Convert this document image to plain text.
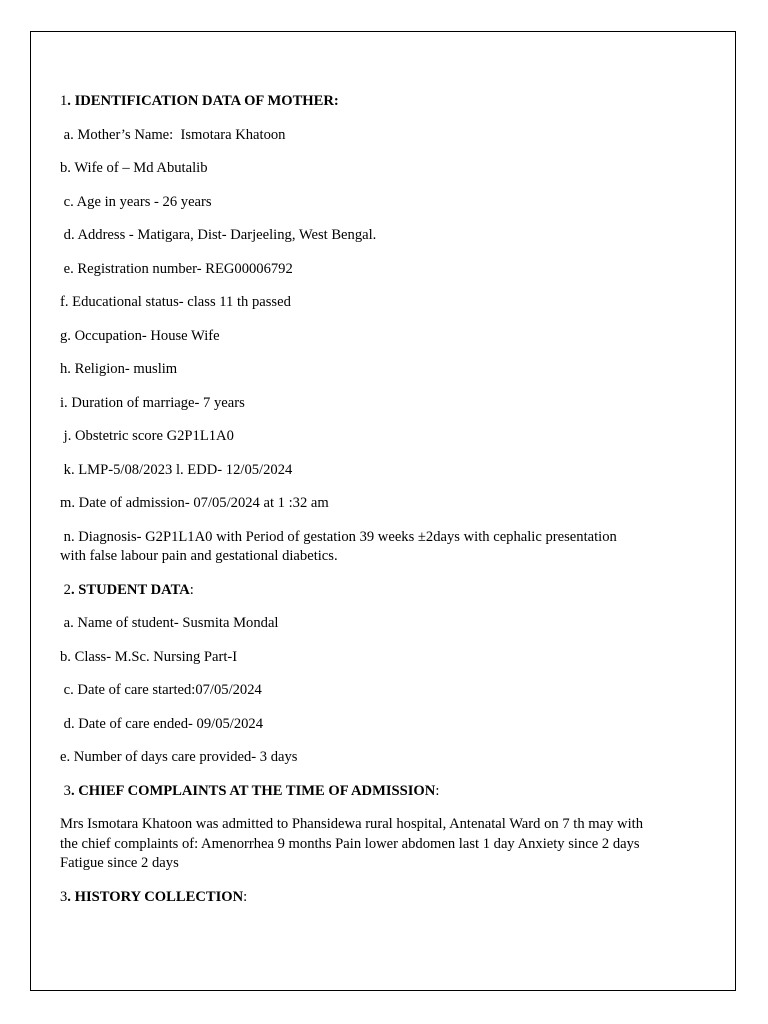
1. IDENTIFICATION DATA OF MOTHER:

a. Mother’s Name:  Ismotara Khatoon

b. Wife of – Md Abutalib

c. Age in years - 26 years

d. Address - Matigara, Dist- Darjeeling, West Bengal.

e. Registration number- REG00006792

f. Educational status- class 11 th passed

g. Occupation- House Wife

h. Religion- muslim

i. Duration of marriage- 7 years

j. Obstetric score G2P1L1A0

k. LMP-5/08/2023 l. EDD- 12/05/2024

m. Date of admission- 07/05/2024 at 1 :32 am

n. Diagnosis- G2P1L1A0 with Period of gestation 39 weeks ±2days with cephalic presentation with false labour pain and gestational diabetics.

2. STUDENT DATA:

a. Name of student- Susmita Mondal

b. Class- M.Sc. Nursing Part-I

c. Date of care started:07/05/2024

d. Date of care ended- 09/05/2024

e. Number of days care provided- 3 days

3. CHIEF COMPLAINTS AT THE TIME OF ADMISSION:

Mrs Ismotara Khatoon was admitted to Phansidewa rural hospital, Antenatal Ward on 7 th may with the chief complaints of: Amenorrhea 9 months Pain lower abdomen last 1 day Anxiety since 2 days Fatigue since 2 days

3. HISTORY COLLECTION:
